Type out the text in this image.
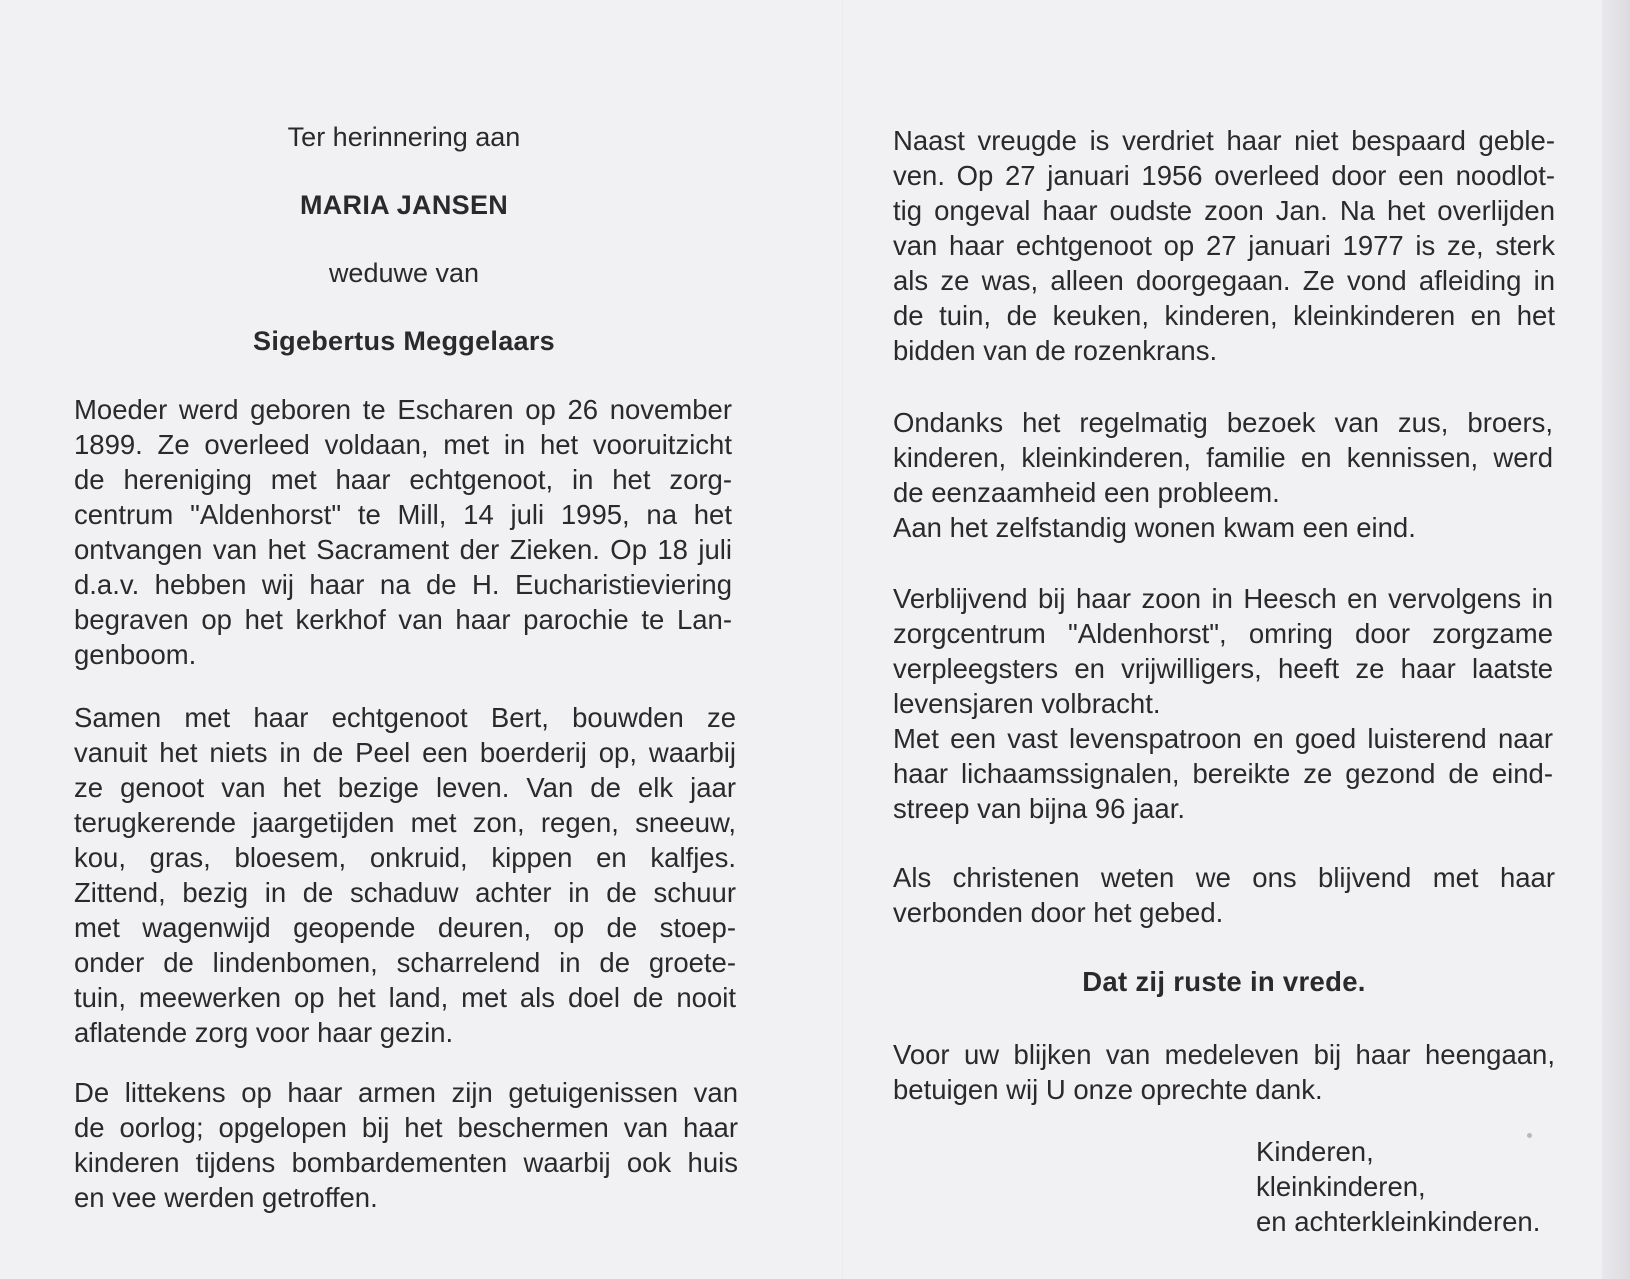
Ter herinnering aan
MARIA JANSEN
weduwe van
Sigebertus Meggelaars
Moeder werd geboren te Escharen op 26 november
1899. Ze overleed voldaan, met in het vooruitzicht
de hereniging met haar echtgenoot, in het zorg-
centrum "Aldenhorst" te Mill, 14 juli 1995, na het
ontvangen van het Sacrament der Zieken. Op 18 juli
d.a.v. hebben wij haar na de H. Eucharistieviering
begraven op het kerkhof van haar parochie te Lan-
genboom.
Samen met haar echtgenoot Bert, bouwden ze
vanuit het niets in de Peel een boerderij op, waarbij
ze genoot van het bezige leven. Van de elk jaar
terugkerende jaargetijden met zon, regen, sneeuw,
kou, gras, bloesem, onkruid, kippen en kalfjes.
Zittend, bezig in de schaduw achter in de schuur
met wagenwijd geopende deuren, op de stoep-
onder de lindenbomen, scharrelend in de groete-
tuin, meewerken op het land, met als doel de nooit
aflatende zorg voor haar gezin.
De littekens op haar armen zijn getuigenissen van
de oorlog; opgelopen bij het beschermen van haar
kinderen tijdens bombardementen waarbij ook huis
en vee werden getroffen.
Naast vreugde is verdriet haar niet bespaard geble-
ven. Op 27 januari 1956 overleed door een noodlot-
tig ongeval haar oudste zoon Jan. Na het overlijden
van haar echtgenoot op 27 januari 1977 is ze, sterk
als ze was, alleen doorgegaan. Ze vond afleiding in
de tuin, de keuken, kinderen, kleinkinderen en het
bidden van de rozenkrans.
Ondanks het regelmatig bezoek van zus, broers,
kinderen, kleinkinderen, familie en kennissen, werd
de eenzaamheid een probleem.
Aan het zelfstandig wonen kwam een eind.
Verblijvend bij haar zoon in Heesch en vervolgens in
zorgcentrum "Aldenhorst", omring door zorgzame
verpleegsters en vrijwilligers, heeft ze haar laatste
levensjaren volbracht.
Met een vast levenspatroon en goed luisterend naar
haar lichaamssignalen, bereikte ze gezond de eind-
streep van bijna 96 jaar.
Als christenen weten we ons blijvend met haar
verbonden door het gebed.
Dat zij ruste in vrede.
Voor uw blijken van medeleven bij haar heengaan,
betuigen wij U onze oprechte dank.
Kinderen,
kleinkinderen,
en achterkleinkinderen.
